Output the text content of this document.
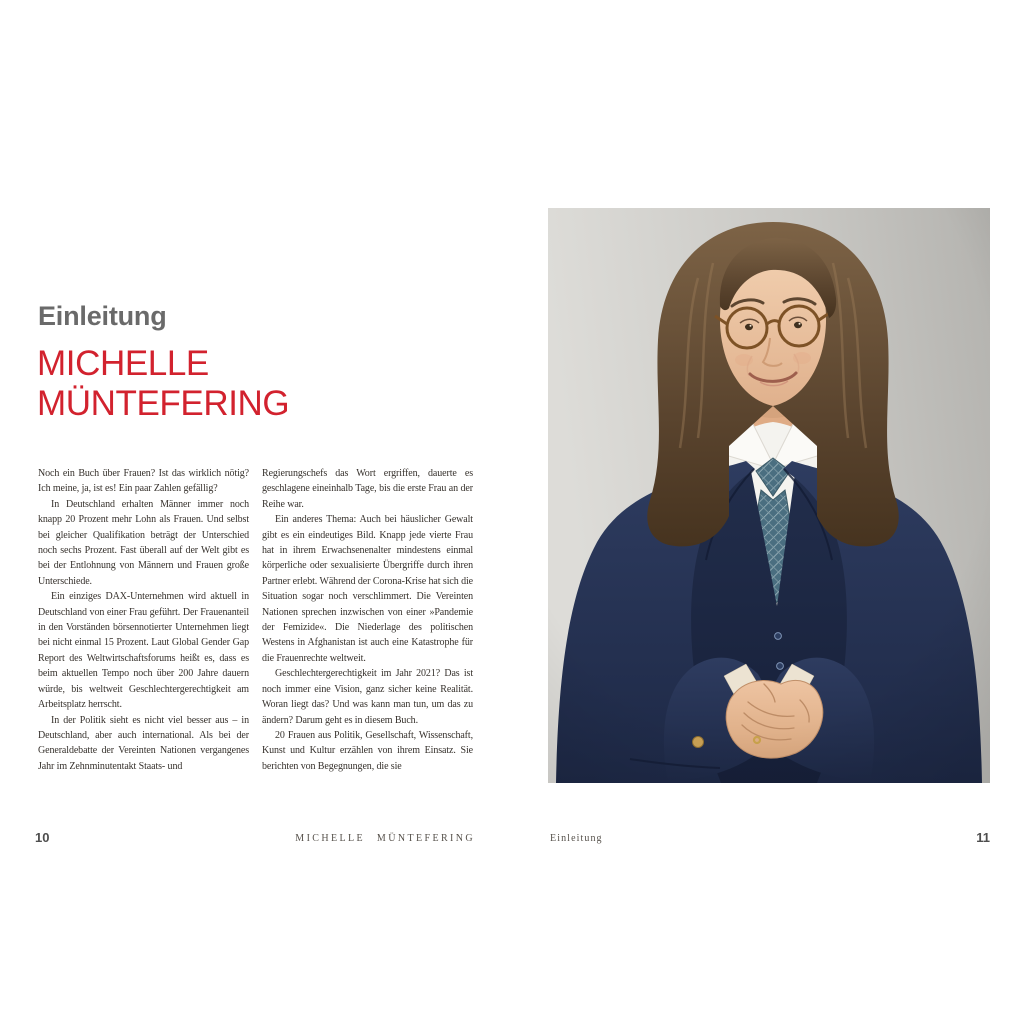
Einleitung
MICHELLE
MÜNTEFERING

Noch ein Buch über Frauen? Ist das wirklich nötig? Ich meine, ja, ist es! Ein paar Zahlen gefällig?

In Deutschland erhalten Männer immer noch knapp 20 Prozent mehr Lohn als Frauen. Und selbst bei gleicher Qualifikation beträgt der Unterschied noch sechs Prozent. Fast überall auf der Welt gibt es bei der Entlohnung von Männern und Frauen große Unterschiede.

Ein einziges DAX-Unternehmen wird aktuell in Deutschland von einer Frau geführt. Der Frauenanteil in den Vorständen börsennotierter Unternehmen liegt bei nicht einmal 15 Prozent. Laut Global Gender Gap Report des Weltwirtschaftsforums heißt es, dass es beim aktuellen Tempo noch über 200 Jahre dauern würde, bis weltweit Geschlechtergerechtigkeit am Arbeitsplatz herrscht.

In der Politik sieht es nicht viel besser aus – in Deutschland, aber auch international. Als bei der Generaldebatte der Vereinten Nationen vergangenes Jahr im Zehnminutentakt Staats- und

Regierungschefs das Wort ergriffen, dauerte es geschlagene eineinhalb Tage, bis die erste Frau an der Reihe war.

Ein anderes Thema: Auch bei häuslicher Gewalt gibt es ein eindeutiges Bild. Knapp jede vierte Frau hat in ihrem Erwachsenenalter mindestens einmal körperliche oder sexualisierte Übergriffe durch ihren Partner erlebt. Während der Corona-Krise hat sich die Situation sogar noch verschlimmert. Die Vereinten Nationen sprechen inzwischen von einer »Pandemie der Femizide«. Die Niederlage des politischen Westens in Afghanistan ist auch eine Katastrophe für die Frauenrechte weltweit.

Geschlechtergerechtigkeit im Jahr 2021? Das ist noch immer eine Vision, ganz sicher keine Realität. Woran liegt das? Und was kann man tun, um das zu ändern? Darum geht es in diesem Buch.

20 Frauen aus Politik, Gesellschaft, Wissenschaft, Kunst und Kultur erzählen von ihrem Einsatz. Sie berichten von Begegnungen, die sie

10	MICHELLE MÜNTEFERING	Einleitung	11
